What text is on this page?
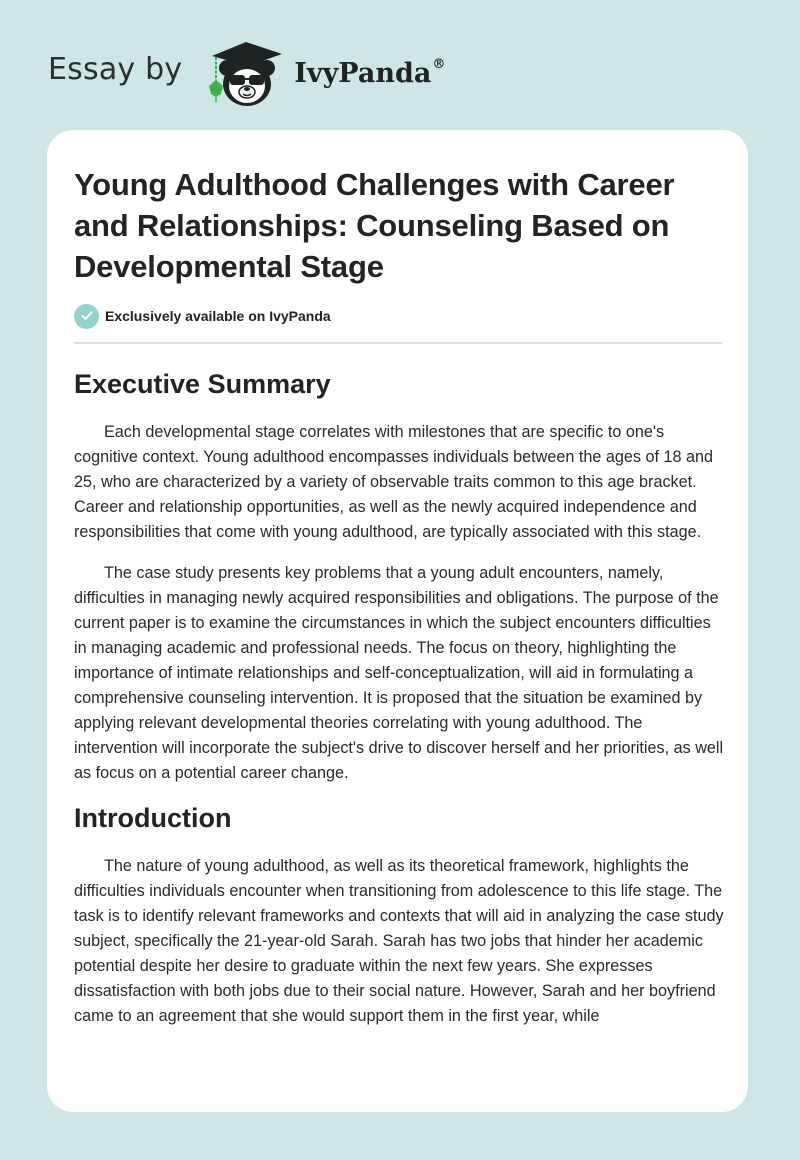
Essay by	IvyPanda®
Young Adulthood Challenges with Career and Relationships: Counseling Based on Developmental Stage
Exclusively available on IvyPanda
Executive Summary

Each developmental stage correlates with milestones that are specific to one's cognitive context. Young adulthood encompasses individuals between the ages of 18 and 25, who are characterized by a variety of observable traits common to this age bracket. Career and relationship opportunities, as well as the newly acquired independence and responsibilities that come with young adulthood, are typically associated with this stage.

The case study presents key problems that a young adult encounters, namely, difficulties in managing newly acquired responsibilities and obligations. The purpose of the current paper is to examine the circumstances in which the subject encounters difficulties in managing academic and professional needs. The focus on theory, highlighting the importance of intimate relationships and self-conceptualization, will aid in formulating a comprehensive counseling intervention. It is proposed that the situation be examined by applying relevant developmental theories correlating with young adulthood. The intervention will incorporate the subject's drive to discover herself and her priorities, as well as focus on a potential career change.

Introduction

The nature of young adulthood, as well as its theoretical framework, highlights the difficulties individuals encounter when transitioning from adolescence to this life stage. The task is to identify relevant frameworks and contexts that will aid in analyzing the case study subject, specifically the 21-year-old Sarah. Sarah has two jobs that hinder her academic potential despite her desire to graduate within the next few years. She expresses dissatisfaction with both jobs due to their social nature. However, Sarah and her boyfriend came to an agreement that she would support them in the first year, while
